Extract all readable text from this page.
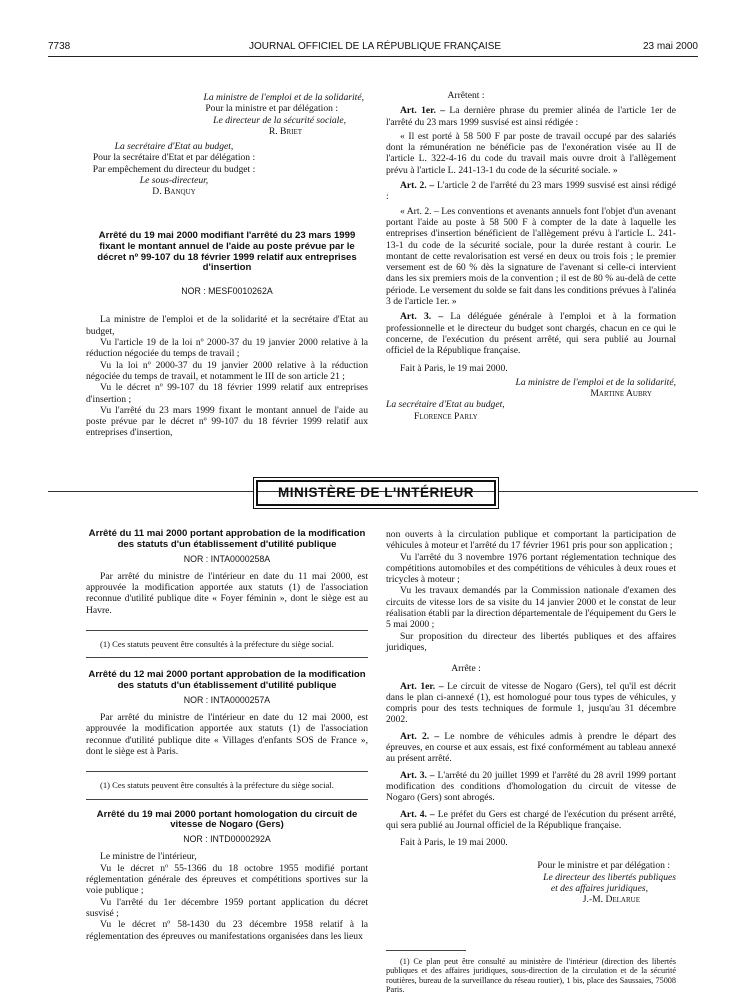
7738	JOURNAL OFFICIEL DE LA RÉPUBLIQUE FRANÇAISE	23 mai 2000
La ministre de l'emploi et de la solidarité,
Pour la ministre et par délégation :
Le directeur de la sécurité sociale,
R. Briet
La secrétaire d'Etat au budget,
Pour la secrétaire d'Etat et par délégation :
Par empêchement du directeur du budget :
Le sous-directeur,
D. Banquy
Arrêté du 19 mai 2000 modifiant l'arrêté du 23 mars 1999 fixant le montant annuel de l'aide au poste prévue par le décret nº 99-107 du 18 février 1999 relatif aux entreprises d'insertion
NOR : MESF0010262A

La ministre de l'emploi et de la solidarité et la secrétaire d'Etat au budget,

Vu l'article 19 de la loi nº 2000-37 du 19 janvier 2000 relative à la réduction négociée du temps de travail ;

Vu la loi nº 2000-37 du 19 janvier 2000 relative à la réduction négociée du temps de travail, et notamment le III de son article 21 ;

Vu le décret nº 99-107 du 18 février 1999 relatif aux entreprises d'insertion ;

Vu l'arrêté du 23 mars 1999 fixant le montant annuel de l'aide au poste prévue par le décret nº 99-107 du 18 février 1999 relatif aux entreprises d'insertion,

Arrêtent :

Art. 1er. – La dernière phrase du premier alinéa de l'article 1er de l'arrêté du 23 mars 1999 susvisé est ainsi rédigée :

« Il est porté à 58 500 F par poste de travail occupé par des salariés dont la rémunération ne bénéficie pas de l'exonération visée au II de l'article L. 322-4-16 du code du travail mais ouvre droit à l'allègement prévu à l'article L. 241-13-1 du code de la sécurité sociale. »

Art. 2. – L'article 2 de l'arrêté du 23 mars 1999 susvisé est ainsi rédigé :

« Art. 2. – Les conventions et avenants annuels font l'objet d'un avenant portant l'aide au poste à 58 500 F à compter de la date à laquelle les entreprises d'insertion bénéficient de l'allègement prévu à l'article L. 241-13-1 du code de la sécurité sociale, pour la durée restant à courir. Le montant de cette revalorisation est versé en deux ou trois fois ; le premier versement est de 60 % dès la signature de l'avenant si celle-ci intervient dans les six premiers mois de la convention ; il est de 80 % au-delà de cette période. Le versement du solde se fait dans les conditions prévues à l'alinéa 3 de l'article 1er. »

Art. 3. – La déléguée générale à l'emploi et à la formation professionnelle et le directeur du budget sont chargés, chacun en ce qui le concerne, de l'exécution du présent arrêté, qui sera publié au Journal officiel de la République française.

Fait à Paris, le 19 mai 2000.

La ministre de l'emploi et de la solidarité,
Martine Aubry
La secrétaire d'Etat au budget,
Florence Parly
MINISTÈRE DE L'INTÉRIEUR
Arrêté du 11 mai 2000 portant approbation de la modification des statuts d'un établissement d'utilité publique
NOR : INTA0000258A

Par arrêté du ministre de l'intérieur en date du 11 mai 2000, est approuvée la modification apportée aux statuts (1) de l'association reconnue d'utilité publique dite « Foyer féminin », dont le siège est au Havre.

(1) Ces statuts peuvent être consultés à la préfecture du siège social.

Arrêté du 12 mai 2000 portant approbation de la modification des statuts d'un établissement d'utilité publique
NOR : INTA0000257A

Par arrêté du ministre de l'intérieur en date du 12 mai 2000, est approuvée la modification apportée aux statuts (1) de l'association reconnue d'utilité publique dite « Villages d'enfants SOS de France », dont le siège est à Paris.

(1) Ces statuts peuvent être consultés à la préfecture du siège social.

Arrêté du 19 mai 2000 portant homologation du circuit de vitesse de Nogaro (Gers)
NOR : INTD0000292A

Le ministre de l'intérieur,

Vu le décret nº 55-1366 du 18 octobre 1955 modifié portant réglementation générale des épreuves et compétitions sportives sur la voie publique ;

Vu l'arrêté du 1er décembre 1959 portant application du décret susvisé ;

Vu le décret nº 58-1430 du 23 décembre 1958 relatif à la réglementation des épreuves ou manifestations organisées dans les lieux

non ouverts à la circulation publique et comportant la participation de véhicules à moteur et l'arrêté du 17 février 1961 pris pour son application ;

Vu l'arrêté du 3 novembre 1976 portant réglementation technique des compétitions automobiles et des compétitions de véhicules à deux roues et tricycles à moteur ;

Vu les travaux demandés par la Commission nationale d'examen des circuits de vitesse lors de sa visite du 14 janvier 2000 et le constat de leur réalisation établi par la direction départementale de l'équipement du Gers le 5 mai 2000 ;

Sur proposition du directeur des libertés publiques et des affaires juridiques,

Arrête :

Art. 1er. – Le circuit de vitesse de Nogaro (Gers), tel qu'il est décrit dans le plan ci-annexé (1), est homologué pour tous types de véhicules, y compris pour des tests techniques de formule 1, jusqu'au 31 décembre 2002.

Art. 2. – Le nombre de véhicules admis à prendre le départ des épreuves, en course et aux essais, est fixé conformément au tableau annexé au présent arrêté.

Art. 3. – L'arrêté du 20 juillet 1999 et l'arrêté du 28 avril 1999 portant modification des conditions d'homologation du circuit de vitesse de Nogaro (Gers) sont abrogés.

Art. 4. – Le préfet du Gers est chargé de l'exécution du présent arrêté, qui sera publié au Journal officiel de la République française.

Fait à Paris, le 19 mai 2000.

Pour le ministre et par délégation :
Le directeur des libertés publiques
et des affaires juridiques,
J.-M. Delarue

(1) Ce plan peut être consulté au ministère de l'intérieur (direction des libertés publiques et des affaires juridiques, sous-direction de la circulation et de la sécurité routières, bureau de la surveillance du réseau routier), 1 bis, place des Saussaies, 75008 Paris.
